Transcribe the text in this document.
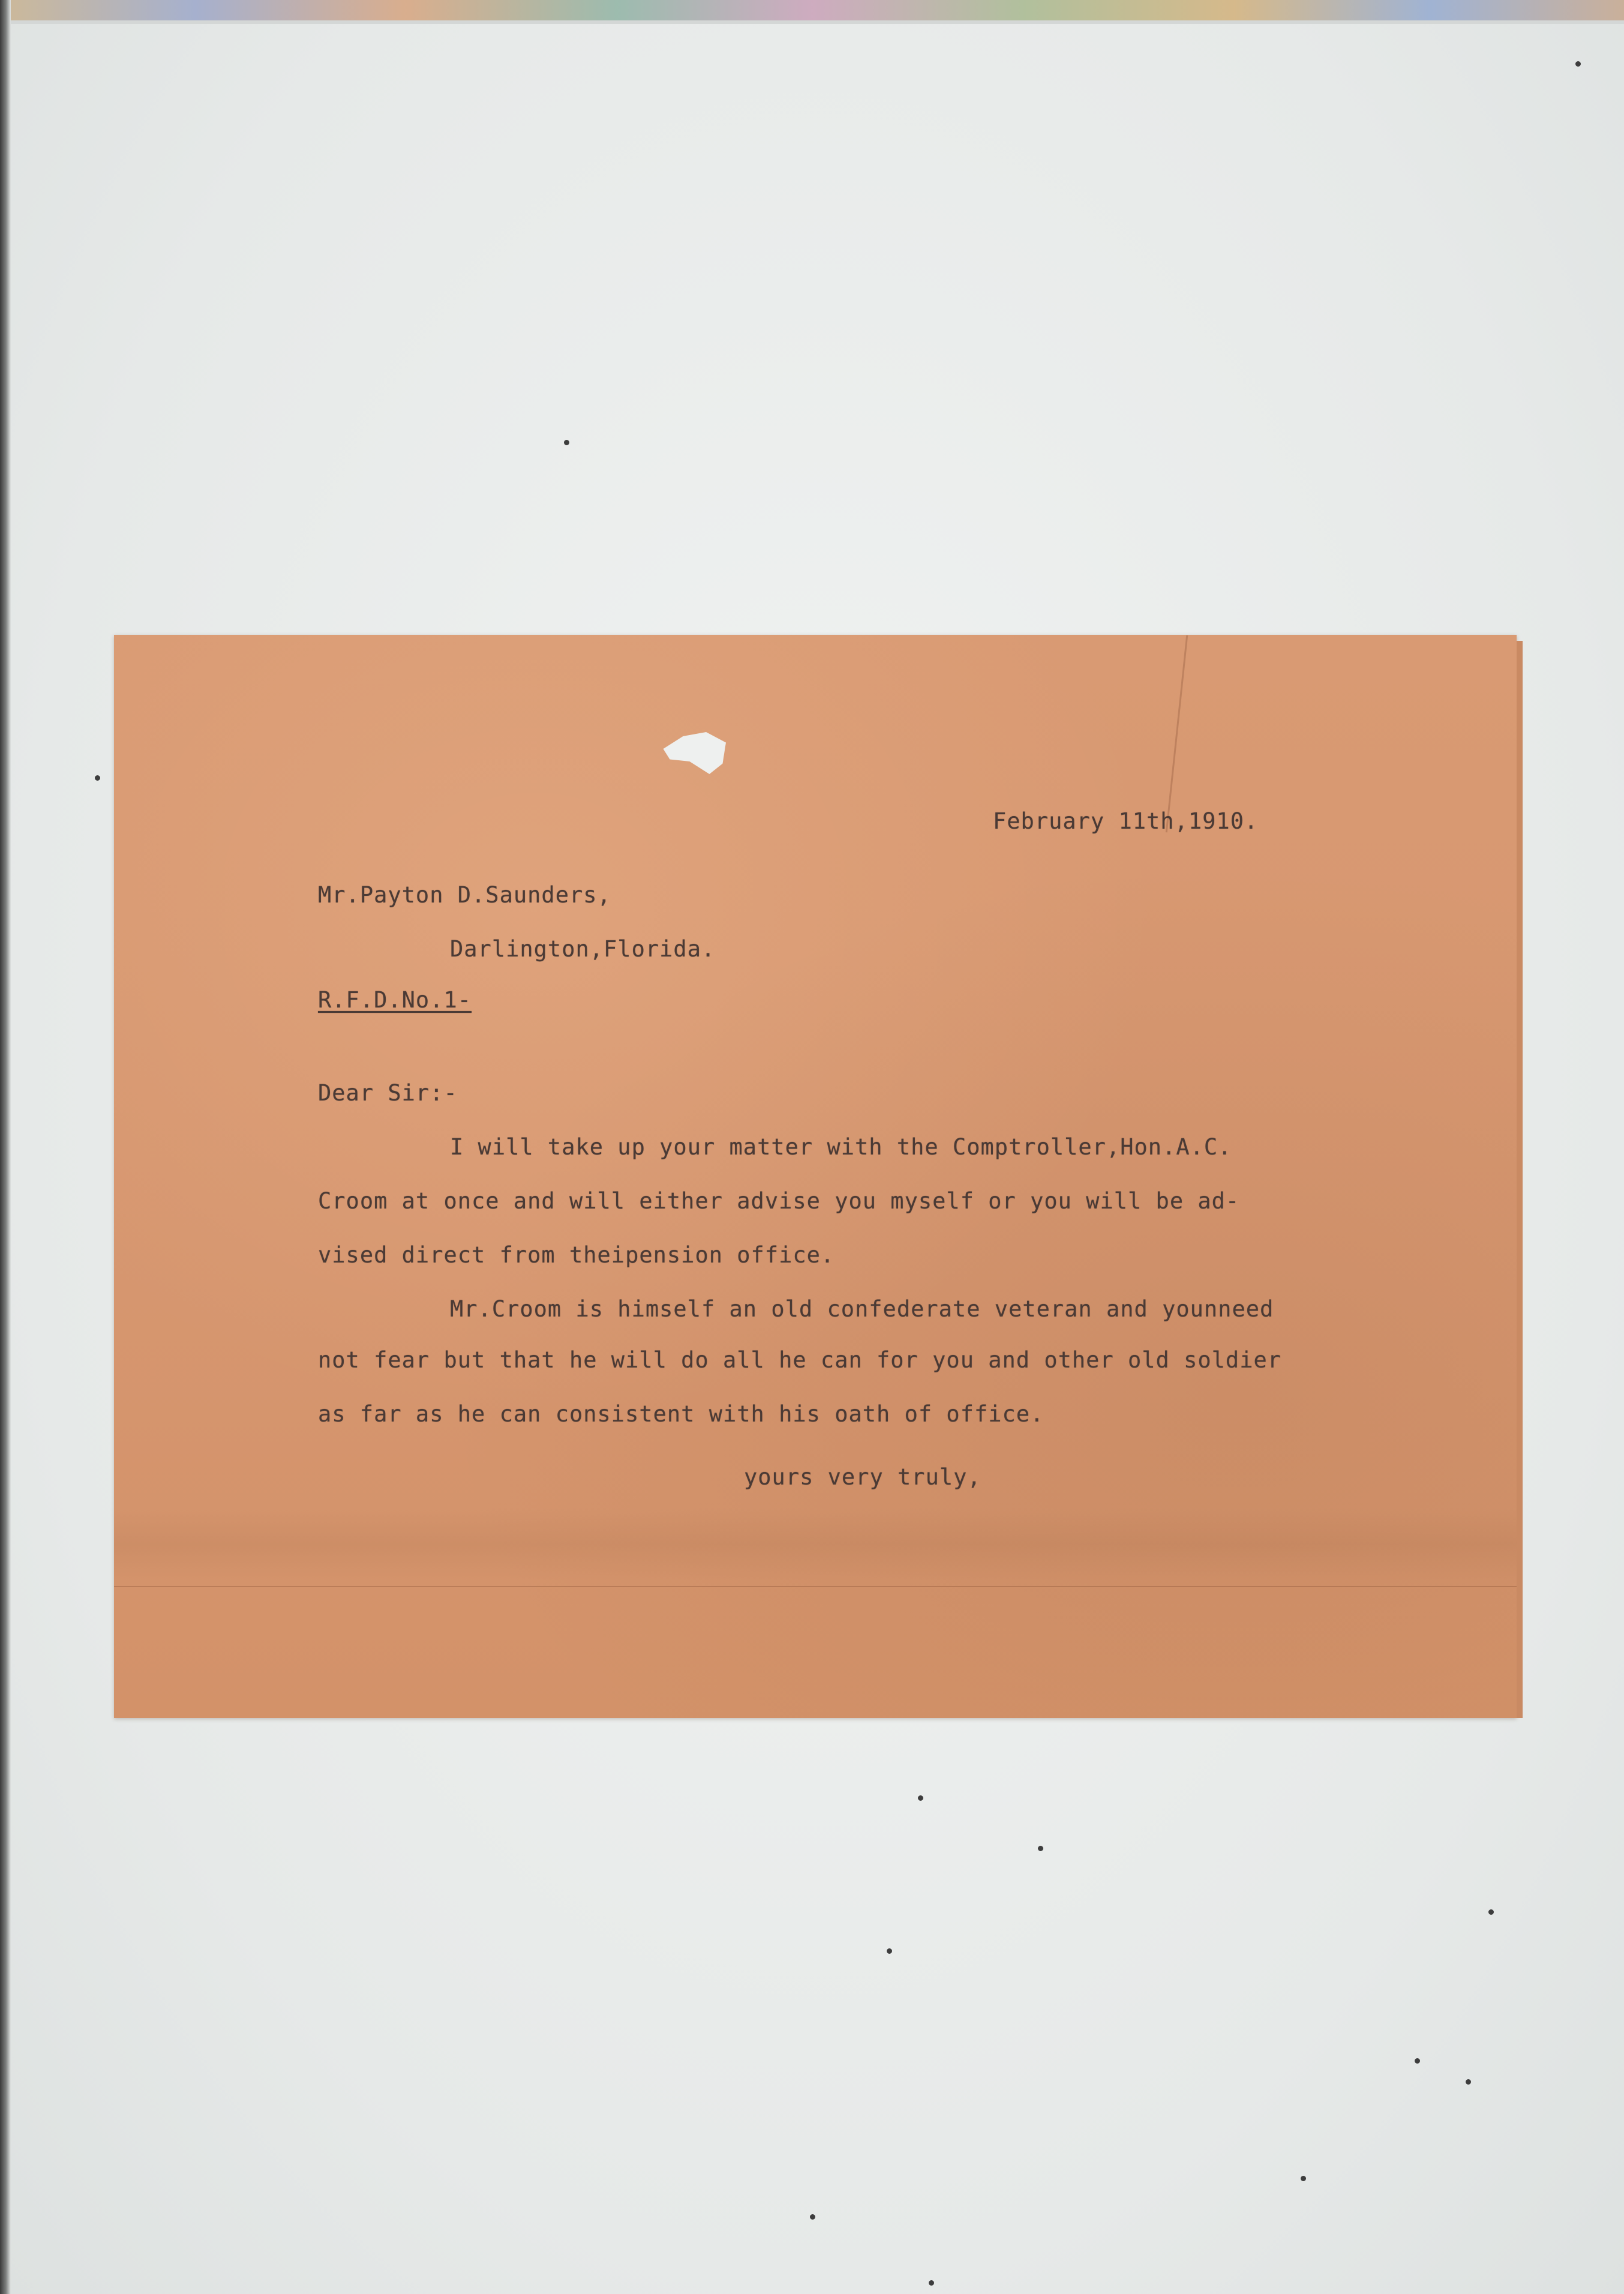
February 11th,1910.

Mr.Payton D.Saunders,

Darlington,Florida.

R.F.D.No.1-

Dear Sir:-

I will take up your matter with the Comptroller,Hon.A.C.

Croom at once and will either advise you myself or you will be ad-

vised direct from theipension office.

Mr.Croom is himself an old confederate veteran and younneed

not fear but that he will do all he can for you and other old soldier

as far as he can consistent with his oath of office.

yours very truly,
